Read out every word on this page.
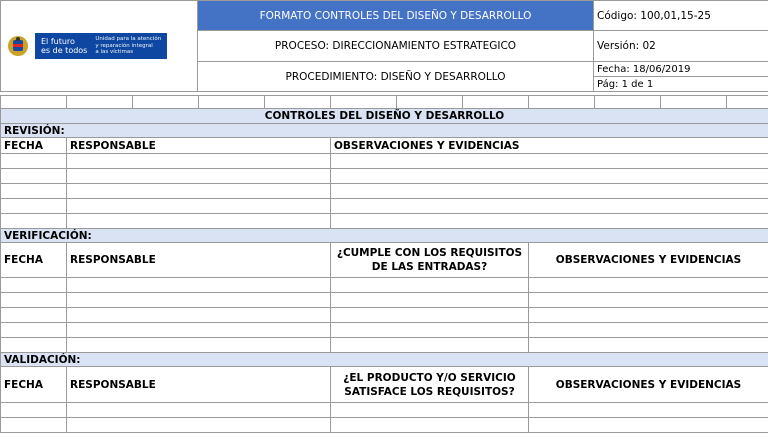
El futuro
es de todos
Unidad para la atención
y reparación integral
a las víctimas	FORMATO CONTROLES DEL DISEÑO Y DESARROLLO	Código: 100,01,15-25
	PROCESO: DIRECCIONAMIENTO ESTRATEGICO	Versión: 02
	PROCEDIMIENTO: DISEÑO Y DESARROLLO	Fecha: 18/06/2019
		Pág: 1 de 1

CONTROLES DEL DISEÑO Y DESARROLLO											
REVISIÓN:											
FECHA	RESPONSABLE				OBSERVACIONES Y EVIDENCIAS						

VERIFICACIÓN:											
FECHA	RESPONSABLE				¿CUMPLE CON LOS REQUISITOS DE LAS ENTRADAS?			OBSERVACIONES Y EVIDENCIAS			

VALIDACIÓN:											
FECHA	RESPONSABLE				¿EL PRODUCTO Y/O SERVICIO SATISFACE LOS REQUISITOS?			OBSERVACIONES Y EVIDENCIAS			
